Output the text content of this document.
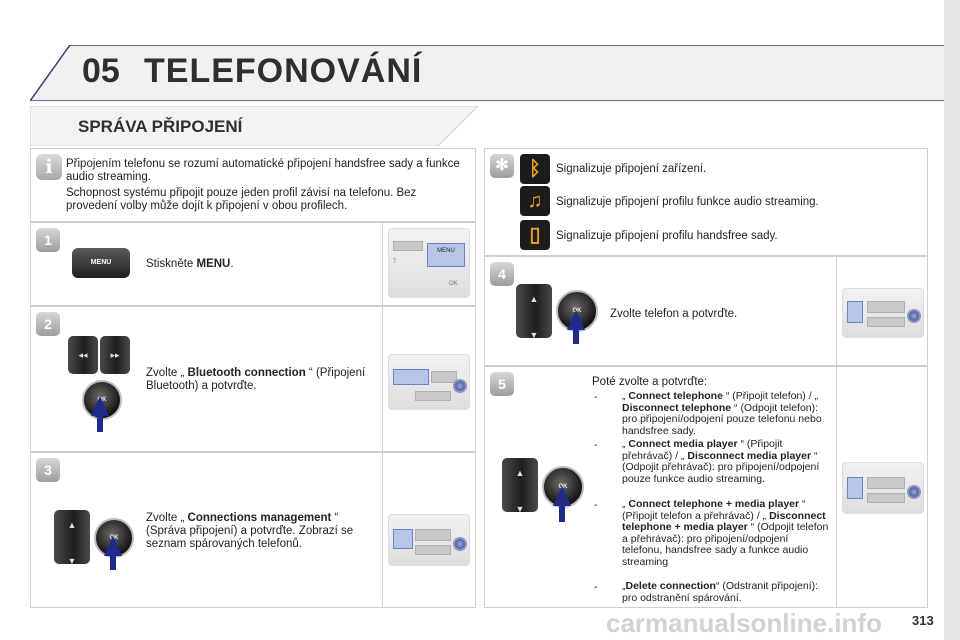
05 TELEFONOVÁNÍ
SPRÁVA PŘIPOJENÍ
i	Připojením telefonu se rozumí automatické připojení handsfree sady a funkce audio streaming.
Schopnost systému připojit pouze jeden profil závisí na telefonu. Bez provedení volby může dojít k připojení v obou profilech.
1
MENU	Stiskněte MENU.
MENU
T
OK
2
◂◂	▸▸
OK
Zvolte „ Bluetooth connection “ (Připojení Bluetooth) a potvrďte.
3
▲

▼
OK
Zvolte „ Connections management “ (Správa připojení) a potvrďte. Zobrazí se seznam spárovaných telefonů.
✻	ᛒ	Signalizuje připojení zařízení.
♫	Signalizuje připojení profilu funkce audio streaming.
▯	Signalizuje připojení profilu handsfree sady.
4
▲

▼
OK	Zvolte telefon a potvrďte.
5
▲

▼
OK
Poté zvolte a potvrďte:
- „ Connect telephone “ (Připojit telefon) / „ Disconnect telephone “ (Odpojit telefon): pro připojení/odpojení pouze telefonu nebo handsfree sady.
- „ Connect media player “ (Připojit přehrávač) / „ Disconnect media player “ (Odpojit přehrávač): pro připojení/odpojení pouze funkce audio streaming.
- „ Connect telephone + media player “ (Připojit telefon a přehrávač) / „ Disconnect telephone + media player “ (Odpojit telefon a přehrávač): pro připojení/odpojení telefonu, handsfree sady a funkce audio streaming
- „Delete connection“ (Odstranit připojení): pro odstranění spárování.
carmanualsonline.info 313
